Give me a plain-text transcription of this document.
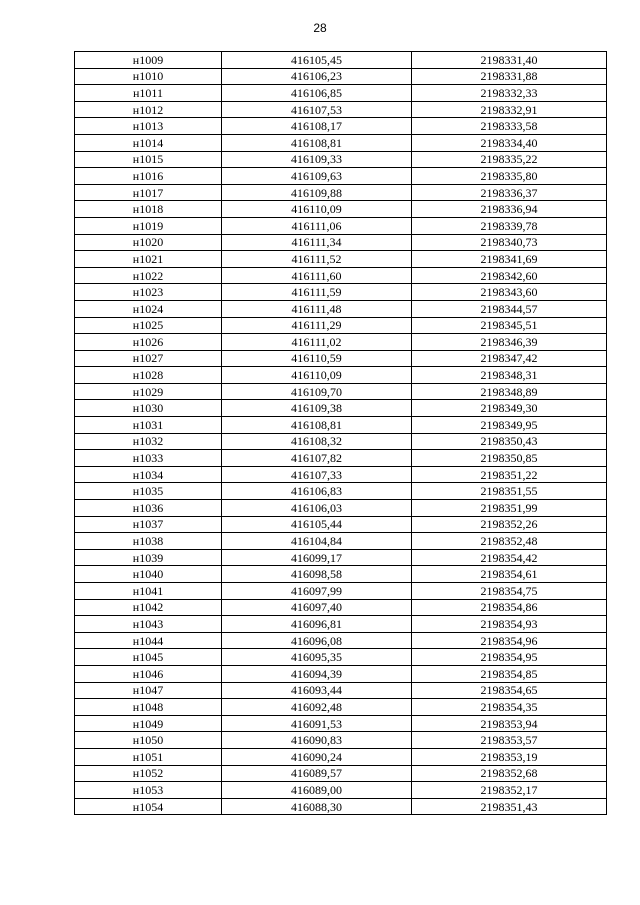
28
н1009	416105,45	2198331,40
н1010	416106,23	2198331,88
н1011	416106,85	2198332,33
н1012	416107,53	2198332,91
н1013	416108,17	2198333,58
н1014	416108,81	2198334,40
н1015	416109,33	2198335,22
н1016	416109,63	2198335,80
н1017	416109,88	2198336,37
н1018	416110,09	2198336,94
н1019	416111,06	2198339,78
н1020	416111,34	2198340,73
н1021	416111,52	2198341,69
н1022	416111,60	2198342,60
н1023	416111,59	2198343,60
н1024	416111,48	2198344,57
н1025	416111,29	2198345,51
н1026	416111,02	2198346,39
н1027	416110,59	2198347,42
н1028	416110,09	2198348,31
н1029	416109,70	2198348,89
н1030	416109,38	2198349,30
н1031	416108,81	2198349,95
н1032	416108,32	2198350,43
н1033	416107,82	2198350,85
н1034	416107,33	2198351,22
н1035	416106,83	2198351,55
н1036	416106,03	2198351,99
н1037	416105,44	2198352,26
н1038	416104,84	2198352,48
н1039	416099,17	2198354,42
н1040	416098,58	2198354,61
н1041	416097,99	2198354,75
н1042	416097,40	2198354,86
н1043	416096,81	2198354,93
н1044	416096,08	2198354,96
н1045	416095,35	2198354,95
н1046	416094,39	2198354,85
н1047	416093,44	2198354,65
н1048	416092,48	2198354,35
н1049	416091,53	2198353,94
н1050	416090,83	2198353,57
н1051	416090,24	2198353,19
н1052	416089,57	2198352,68
н1053	416089,00	2198352,17
н1054	416088,30	2198351,43
